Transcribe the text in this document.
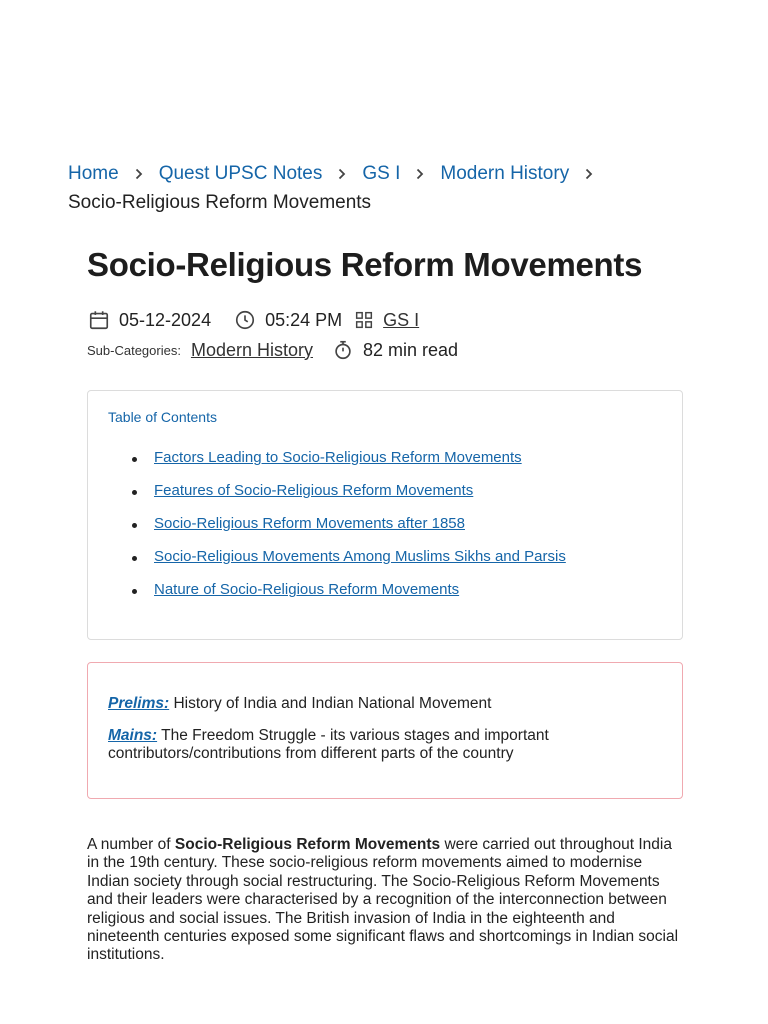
Home Quest UPSC Notes GS I Modern History
Socio-Religious Reform Movements
Socio-Religious Reform Movements
05-12-2024	05:24 PM GS I
Sub-Categories: Modern History	82 min read
Table of Contents
Factors Leading to Socio-Religious Reform Movements
Features of Socio-Religious Reform Movements
Socio-Religious Reform Movements after 1858
Socio-Religious Movements Among Muslims Sikhs and Parsis
Nature of Socio-Religious Reform Movements

Prelims: History of India and Indian National Movement

Mains: The Freedom Struggle - its various stages and important contributors/contributions from different parts of the country

A number of Socio-Religious Reform Movements were carried out throughout India in the 19th century. These socio-religious reform movements aimed to modernise Indian society through social restructuring. The Socio-Religious Reform Movements and their leaders were characterised by a recognition of the interconnection between religious and social issues. The British invasion of India in the eighteenth and nineteenth centuries exposed some significant flaws and shortcomings in Indian social institutions.
